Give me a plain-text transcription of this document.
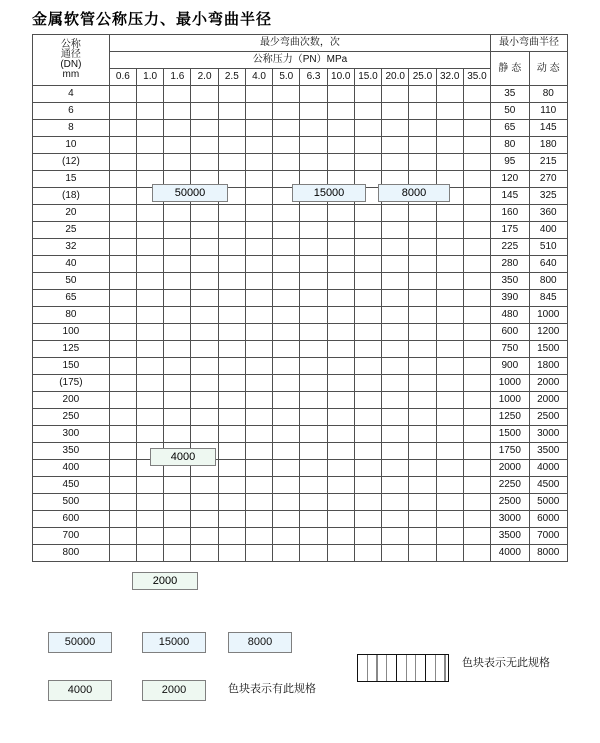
金属软管公称压力、最小弯曲半径
公称
通径
(DN)
mm	最少弯曲次数，次														最小弯曲半径	
	公称压力（PN）MPa														静 态	动 态
	0.6	1.0	1.6	2.0	2.5	4.0	5.0	6.3	10.0	15.0	20.0	25.0	32.0	35.0		
4															35	80
6															50	110
8															65	145
10															80	180
(12)															95	215
15															120	270
(18)															145	325
20															160	360
25															175	400
32															225	510
40															280	640
50															350	800
65															390	845
80															480	1000
100															600	1200
125															750	1500
150															900	1800
(175)															1000	2000
200															1000	2000
250															1250	2500
300															1500	3000
350															1750	3500
400															2000	4000
450															2250	4500
500															2500	5000
600															3000	6000
700															3500	7000
800															4000	8000
50000	15000	8000
4000
2000
50000	15000	8000
色块表示无此规格
4000	2000	色块表示有此规格
